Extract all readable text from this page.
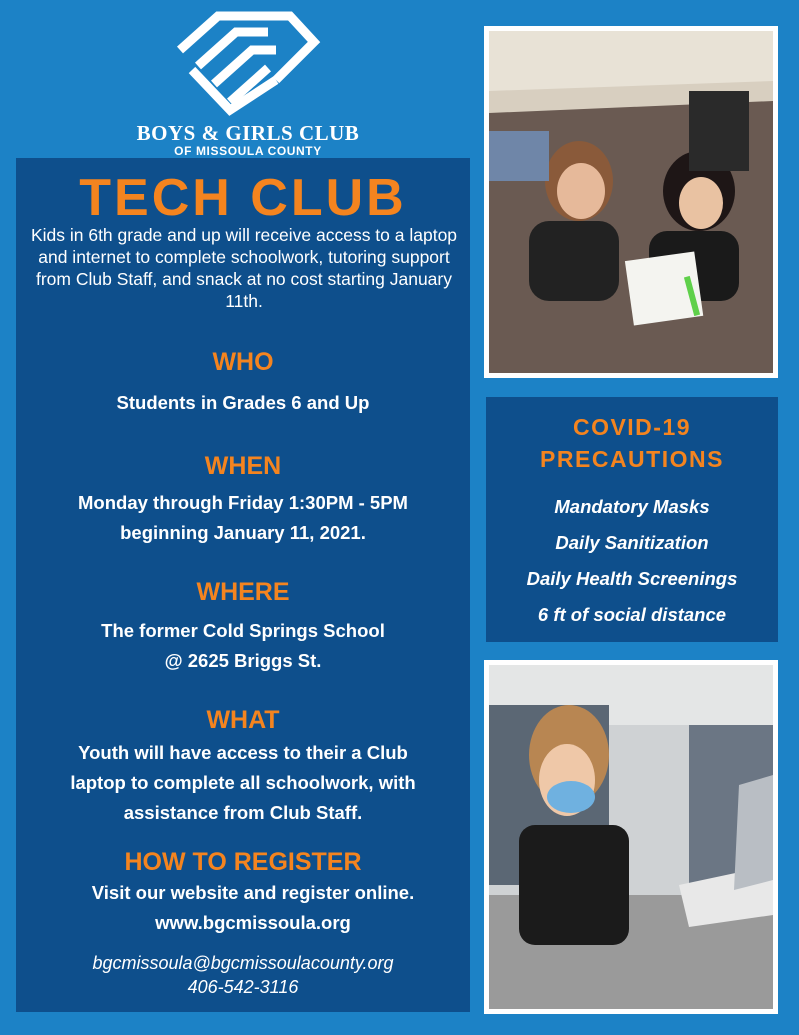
BOYS & GIRLS CLUB
OF MISSOULA COUNTY
TECH CLUB
Kids in 6th grade and up will receive access to a laptop and internet to complete schoolwork, tutoring support from Club Staff, and snack at no cost starting January 11th.
WHO
Students in Grades 6 and Up
WHEN
Monday through Friday 1:30PM - 5PM
beginning January 11, 2021.
WHERE
The former Cold Springs School
@ 2625 Briggs St.
WHAT
Youth will have access to their a Club
laptop to complete all schoolwork, with
assistance from Club Staff.
HOW TO REGISTER
Visit our website and register online.
www.bgcmissoula.org
bgcmissoula@bgcmissoulacounty.org
406-542-3116
COVID-19
PRECAUTIONS
Mandatory Masks
Daily Sanitization
Daily Health Screenings
6 ft of social distance
